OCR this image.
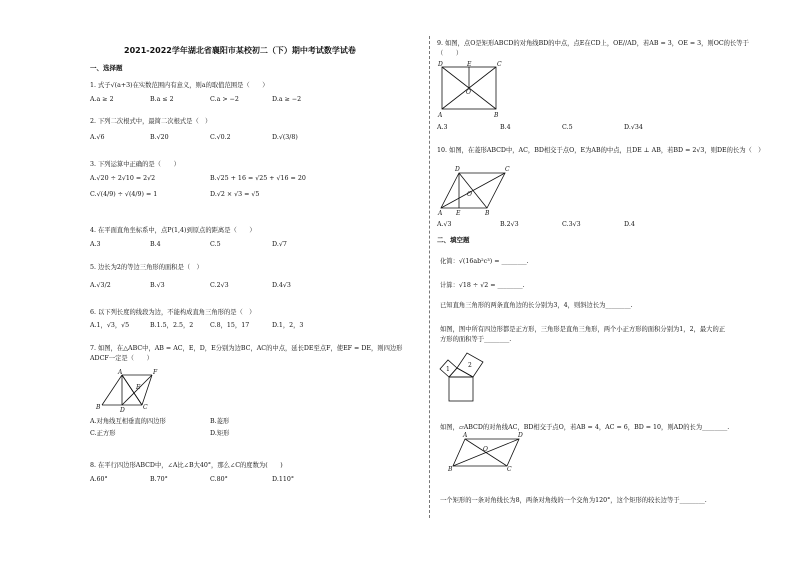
2021-2022学年湖北省襄阳市某校初二（下）期中考试数学试卷
一、选择题
1. 式子√(a+3)在实数范围内有意义，则a的取值范围是（　　）
A.a ≥ 2	B.a ≤ 2	C.a > −2	D.a ≥ −2
2. 下列二次根式中，最简二次根式是（　）
A.√6	B.√20	C.√0.2	D.√(3/8)
3. 下列运算中正确的是（　　）
A.√20 ÷ 2√10 = 2√2	B.√25 + 16 = √25 + √16 = 20
C.√(4/9) ÷ √(4/9) = 1	D.√2 × √3 = √5
4. 在平面直角坐标系中，点P(1,4)到原点的距离是（　　）
A.3	B.4	C.5	D.√7
5. 边长为2的等边三角形的面积是（　）
A.√3/2	B.√3	C.2√3	D.4√3
6. 以下列长度的线段为边，不能构成直角三角形的是（　）
A.1，√3，√5	B.1.5，2.5，2	C.8，15，17	D.1，2，3
7. 如图，在△ABC中，AB = AC，E，D，E分别为边BC，AC的中点，延长DE至点F，使EF = DE，则四边形
ADCF一定是（　　）
A	F
B	D	C
E
A.对角线互相垂直的四边形	B.菱形
C.正方形	D.矩形
8. 在平行四边形ABCD中，∠A比∠B大40°，那么∠C的度数为(　　)
A.60°	B.70°	C.80°	D.110°
9. 如图，点O是矩形ABCD的对角线BD的中点，点E在CD上，OE//AD，若AB = 3，OE = 3，则OC的长等于
（　　）
D	E	C
O
A	B
A.3	B.4	C.5	D.√34
10. 如图，在菱形ABCD中，AC，BD相交于点O，E为AB的中点，且DE ⊥ AB，若BD = 2√3，则DE的长为（　）
D	C
O
A E	B
A.√3	B.2√3	C.3√3	D.4
二、填空题
化简：√(16ab²c³) = ________.
计算：√18 ÷ √2 = ________.
已知直角三角形的两条直角边的长分别为3，4，则斜边长为________.
如图，图中所有四边形都是正方形，三角形是直角三角形，两个小正方形的面积分别为1，2，最大的正
方形的面积等于________.
1
2
如图，▱ABCD的对角线AC，BD相交于点O，若AB = 4，AC = 6，BD = 10，则AD的长为________.
A	D
O
B	C
一个矩形的一条对角线长为8，两条对角线的一个交角为120°，这个矩形的较长边等于________.
